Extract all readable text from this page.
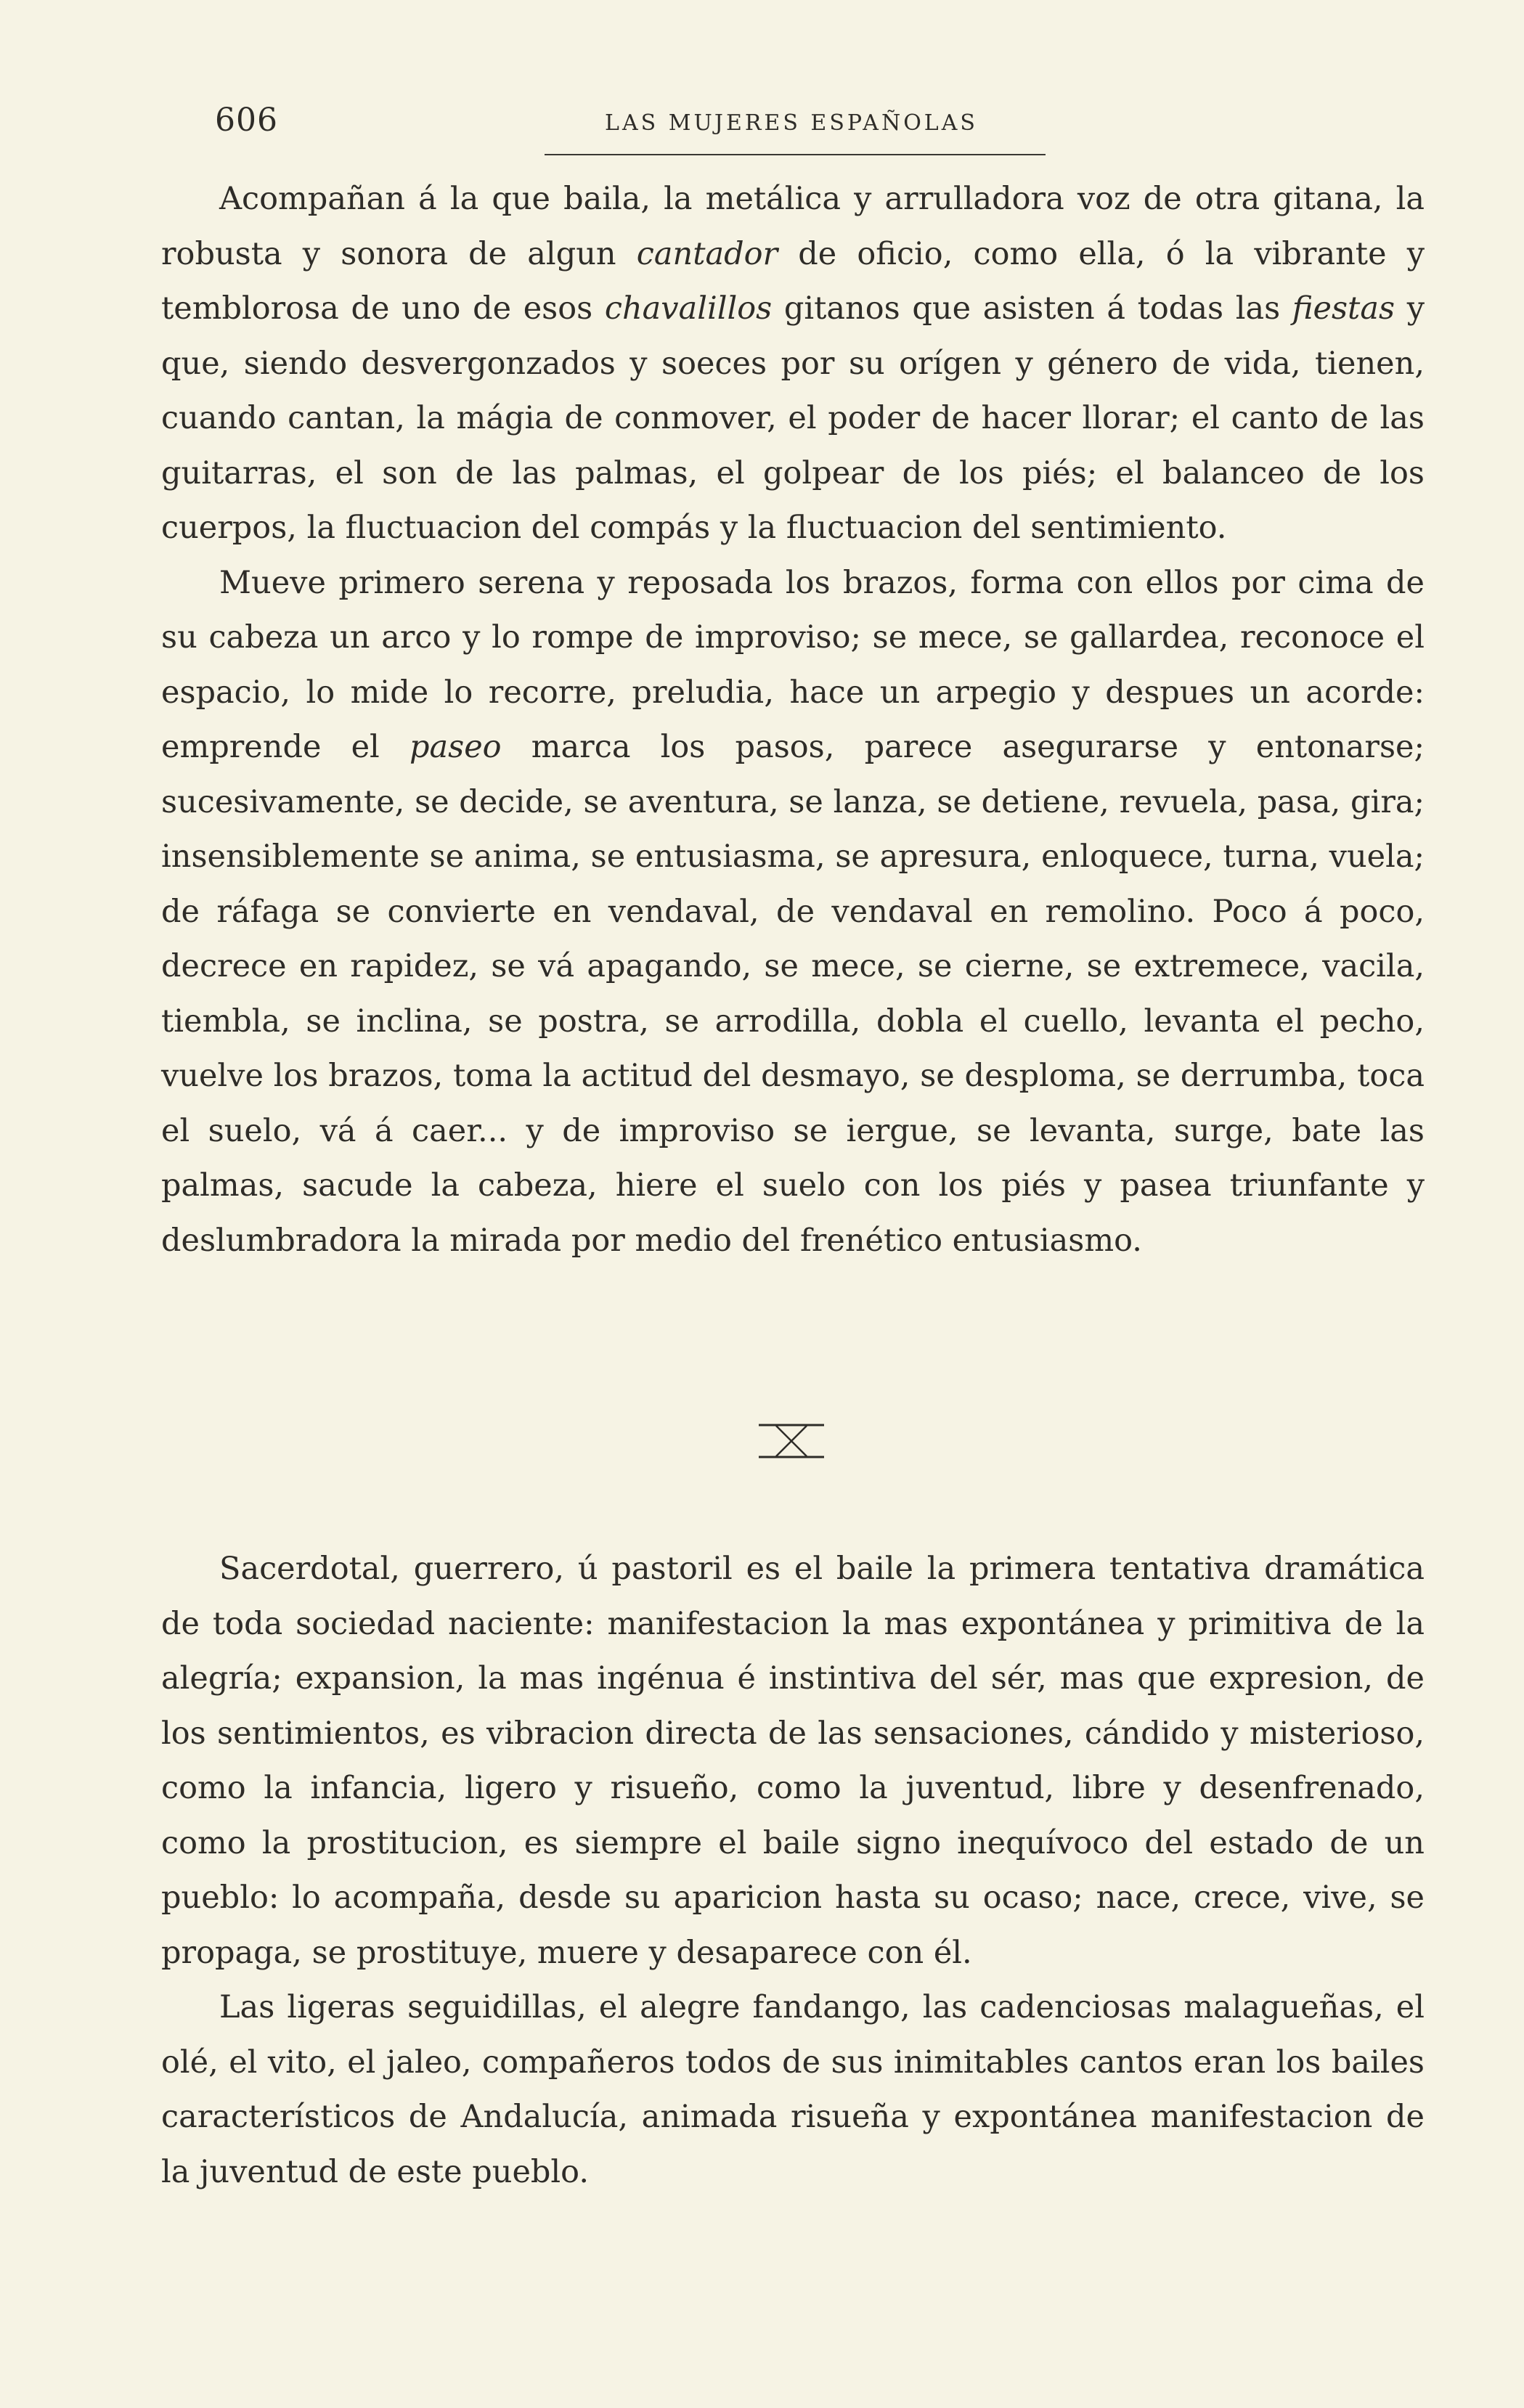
606	LAS MUJERES ESPAÑOLAS

Acompañan á la que baila, la metálica y arrulladora voz de otra gitana, la robusta y sonora de algun cantador de oficio, como ella, ó la vibrante y temblorosa de uno de esos chavalillos gitanos que asisten á todas las fiestas y que, siendo desvergonzados y soeces por su orígen y género de vida, tienen, cuando cantan, la mágia de conmover, el poder de hacer llorar; el canto de las guitarras, el son de las palmas, el golpear de los piés; el balanceo de los cuerpos, la fluctuacion del compás y la fluctuacion del sentimiento.

Mueve primero serena y reposada los brazos, forma con ellos por cima de su cabeza un arco y lo rompe de improviso; se mece, se gallardea, reconoce el espacio, lo mide lo recorre, preludia, hace un arpegio y despues un acorde: emprende el paseo marca los pasos, parece asegurarse y entonarse; sucesivamente, se decide, se aventura, se lanza, se detiene, revuela, pasa, gira; insensiblemente se anima, se entusiasma, se apresura, enloquece, turna, vuela; de ráfaga se convierte en vendaval, de vendaval en remolino. Poco á poco, decrece en rapidez, se vá apagando, se mece, se cierne, se extremece, vacila, tiembla, se inclina, se postra, se arrodilla, dobla el cuello, levanta el pecho, vuelve los brazos, toma la actitud del desmayo, se desploma, se derrumba, toca el suelo, vá á caer... y de improviso se iergue, se levanta, surge, bate las palmas, sacude la cabeza, hiere el suelo con los piés y pasea triunfante y deslumbradora la mirada por medio del frenético entusiasmo.

Sacerdotal, guerrero, ú pastoril es el baile la primera tentativa dramática de toda sociedad naciente: manifestacion la mas expontánea y primitiva de la alegría; expansion, la mas ingénua é instintiva del sér, mas que expresion, de los sentimientos, es vibracion directa de las sensaciones, cándido y misterioso, como la infancia, ligero y risueño, como la juventud, libre y desenfrenado, como la prostitucion, es siempre el baile signo inequívoco del estado de un pueblo: lo acompaña, desde su aparicion hasta su ocaso; nace, crece, vive, se propaga, se prostituye, muere y desaparece con él.

Las ligeras seguidillas, el alegre fandango, las cadenciosas malagueñas, el olé, el vito, el jaleo, compañeros todos de sus inimitables cantos eran los bailes característicos de Andalucía, animada risueña y expontánea manifestacion de la juventud de este pueblo.
